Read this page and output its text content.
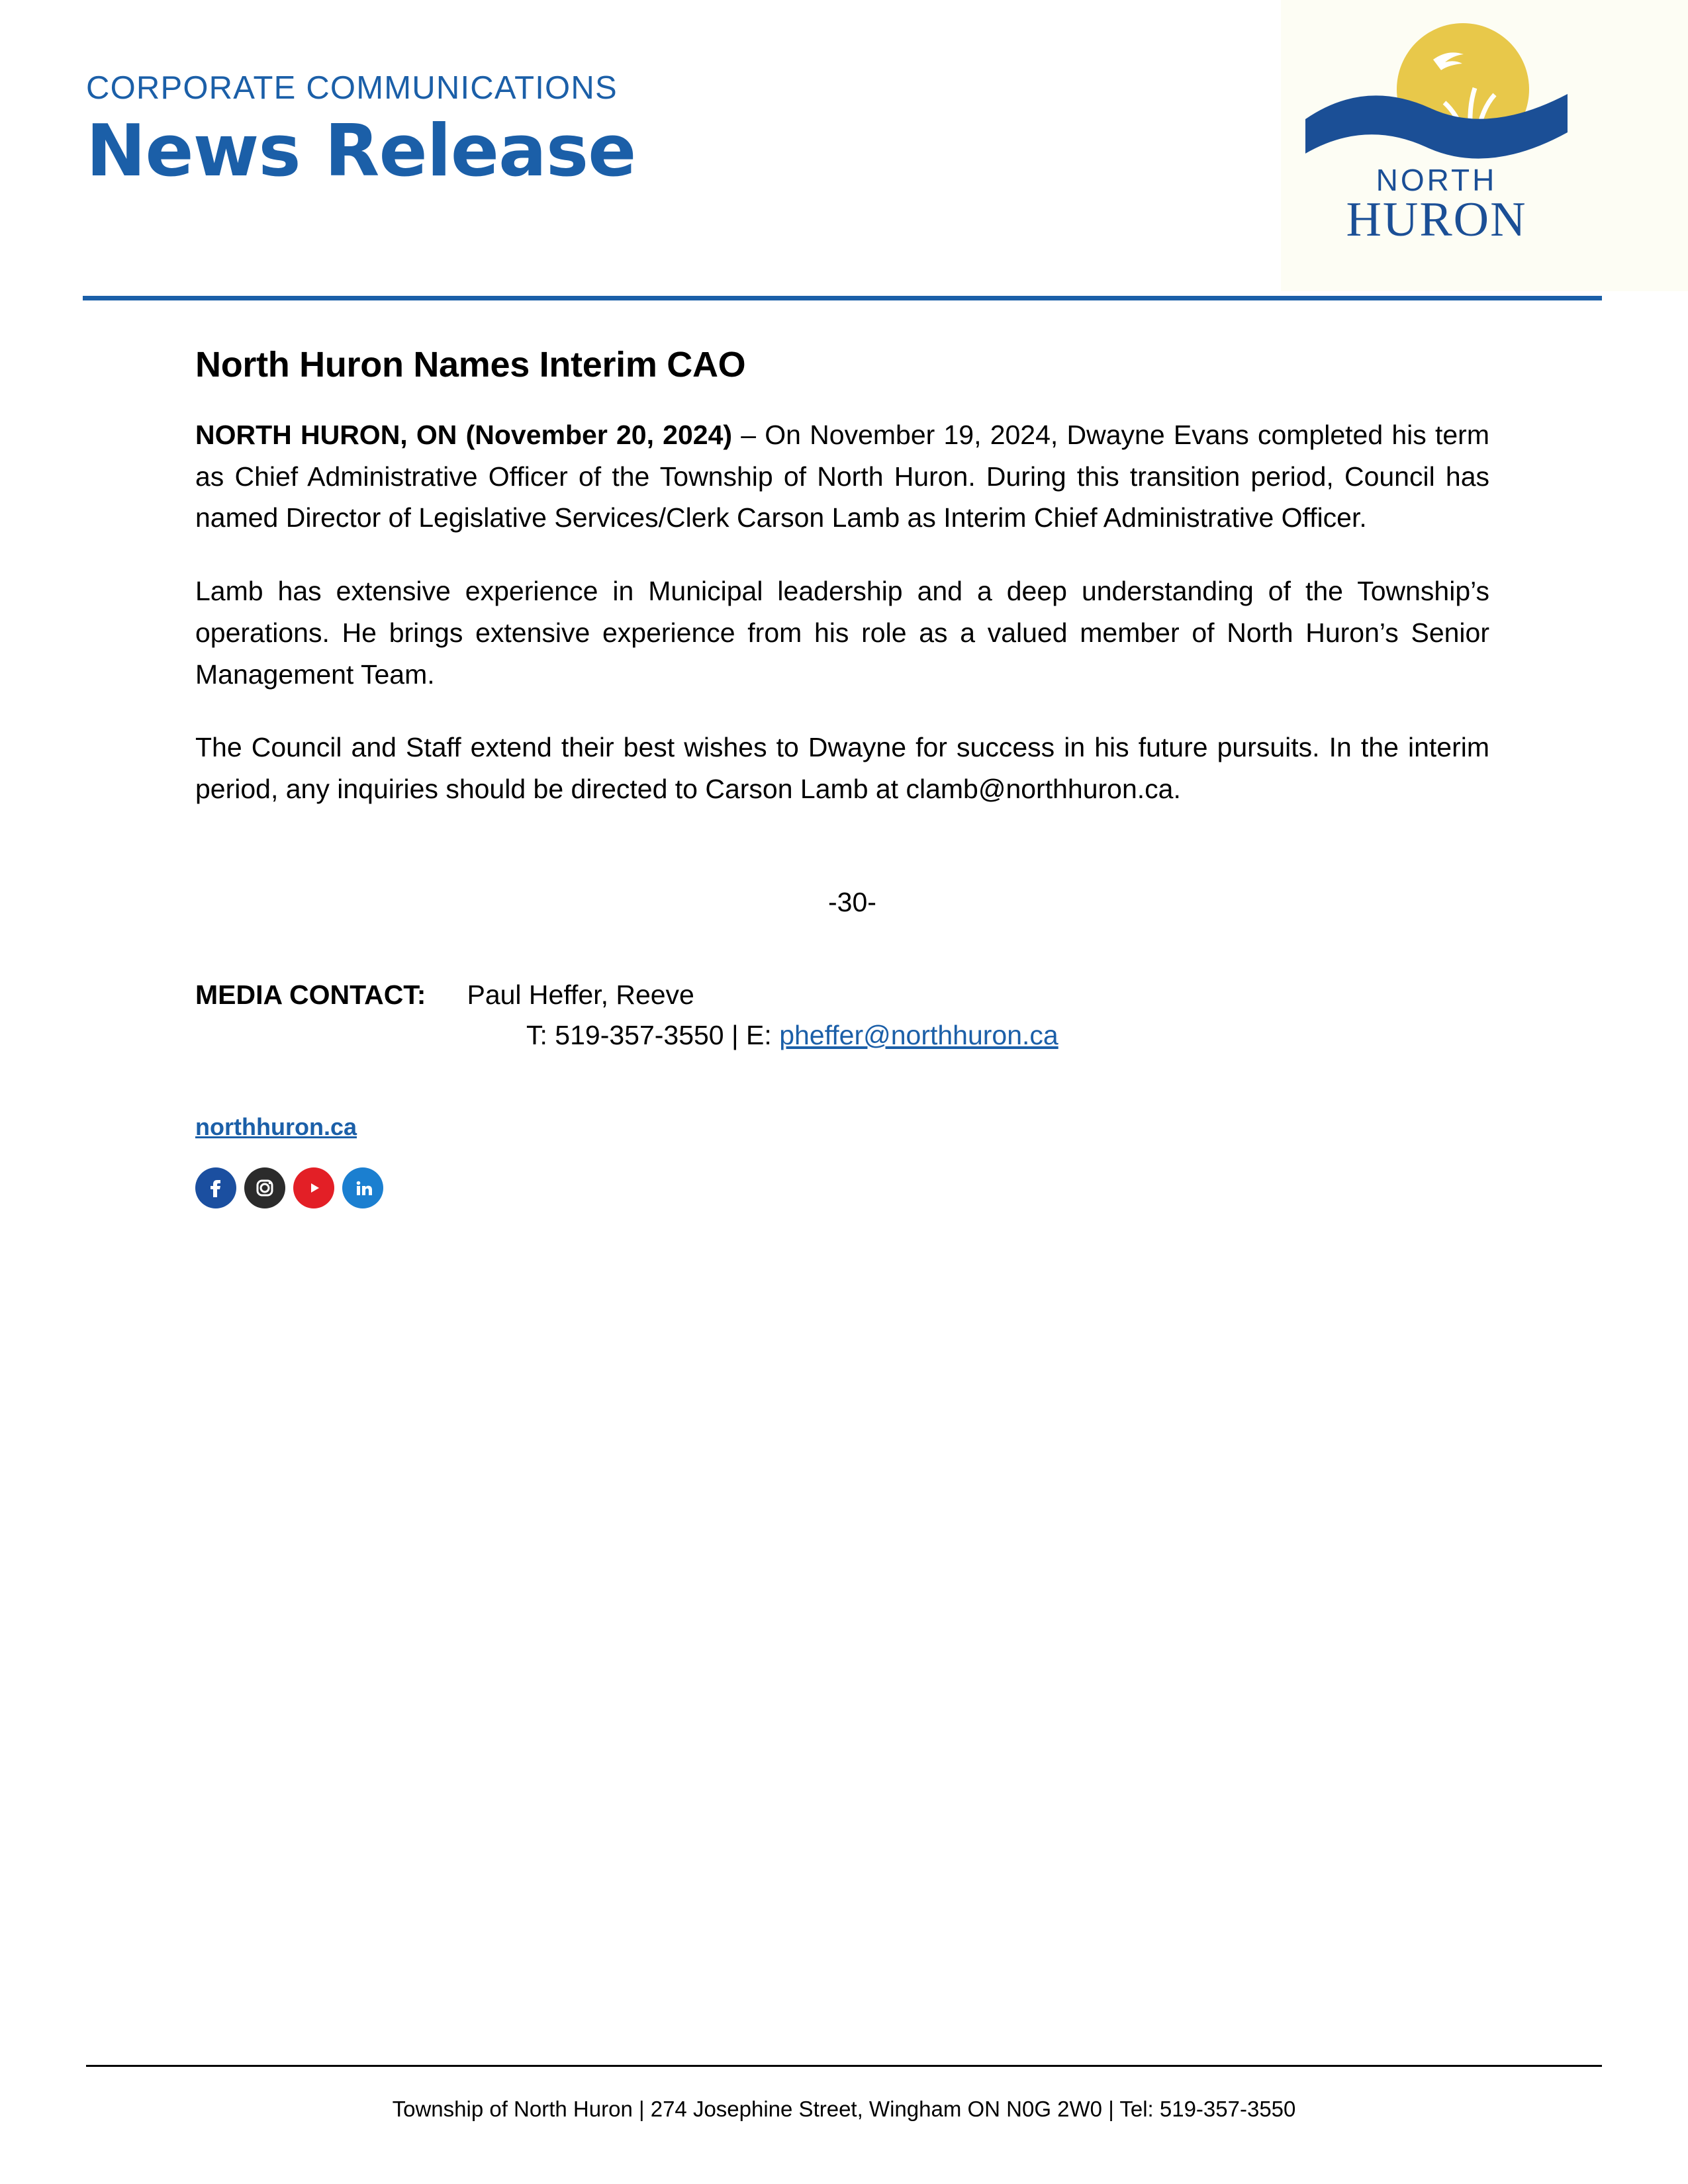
CORPORATE COMMUNICATIONS
News Release	NORTH
HURON
North Huron Names Interim CAO

NORTH HURON, ON (November 20, 2024) – On November 19, 2024, Dwayne Evans completed his term as Chief Administrative Officer of the Township of North Huron. During this transition period, Council has named Director of Legislative Services/Clerk Carson Lamb as Interim Chief Administrative Officer.

Lamb has extensive experience in Municipal leadership and a deep understanding of the Township’s operations. He brings extensive experience from his role as a valued member of North Huron’s Senior Management Team.

The Council and Staff extend their best wishes to Dwayne for success in his future pursuits. In the interim period, any inquiries should be directed to Carson Lamb at clamb@northhuron.ca.

-30-
MEDIA CONTACT: Paul Heffer, Reeve
T: 519-357-3550 | E: pheffer@northhuron.ca
northhuron.ca
Township of North Huron | 274 Josephine Street, Wingham ON N0G 2W0 | Tel: 519-357-3550
